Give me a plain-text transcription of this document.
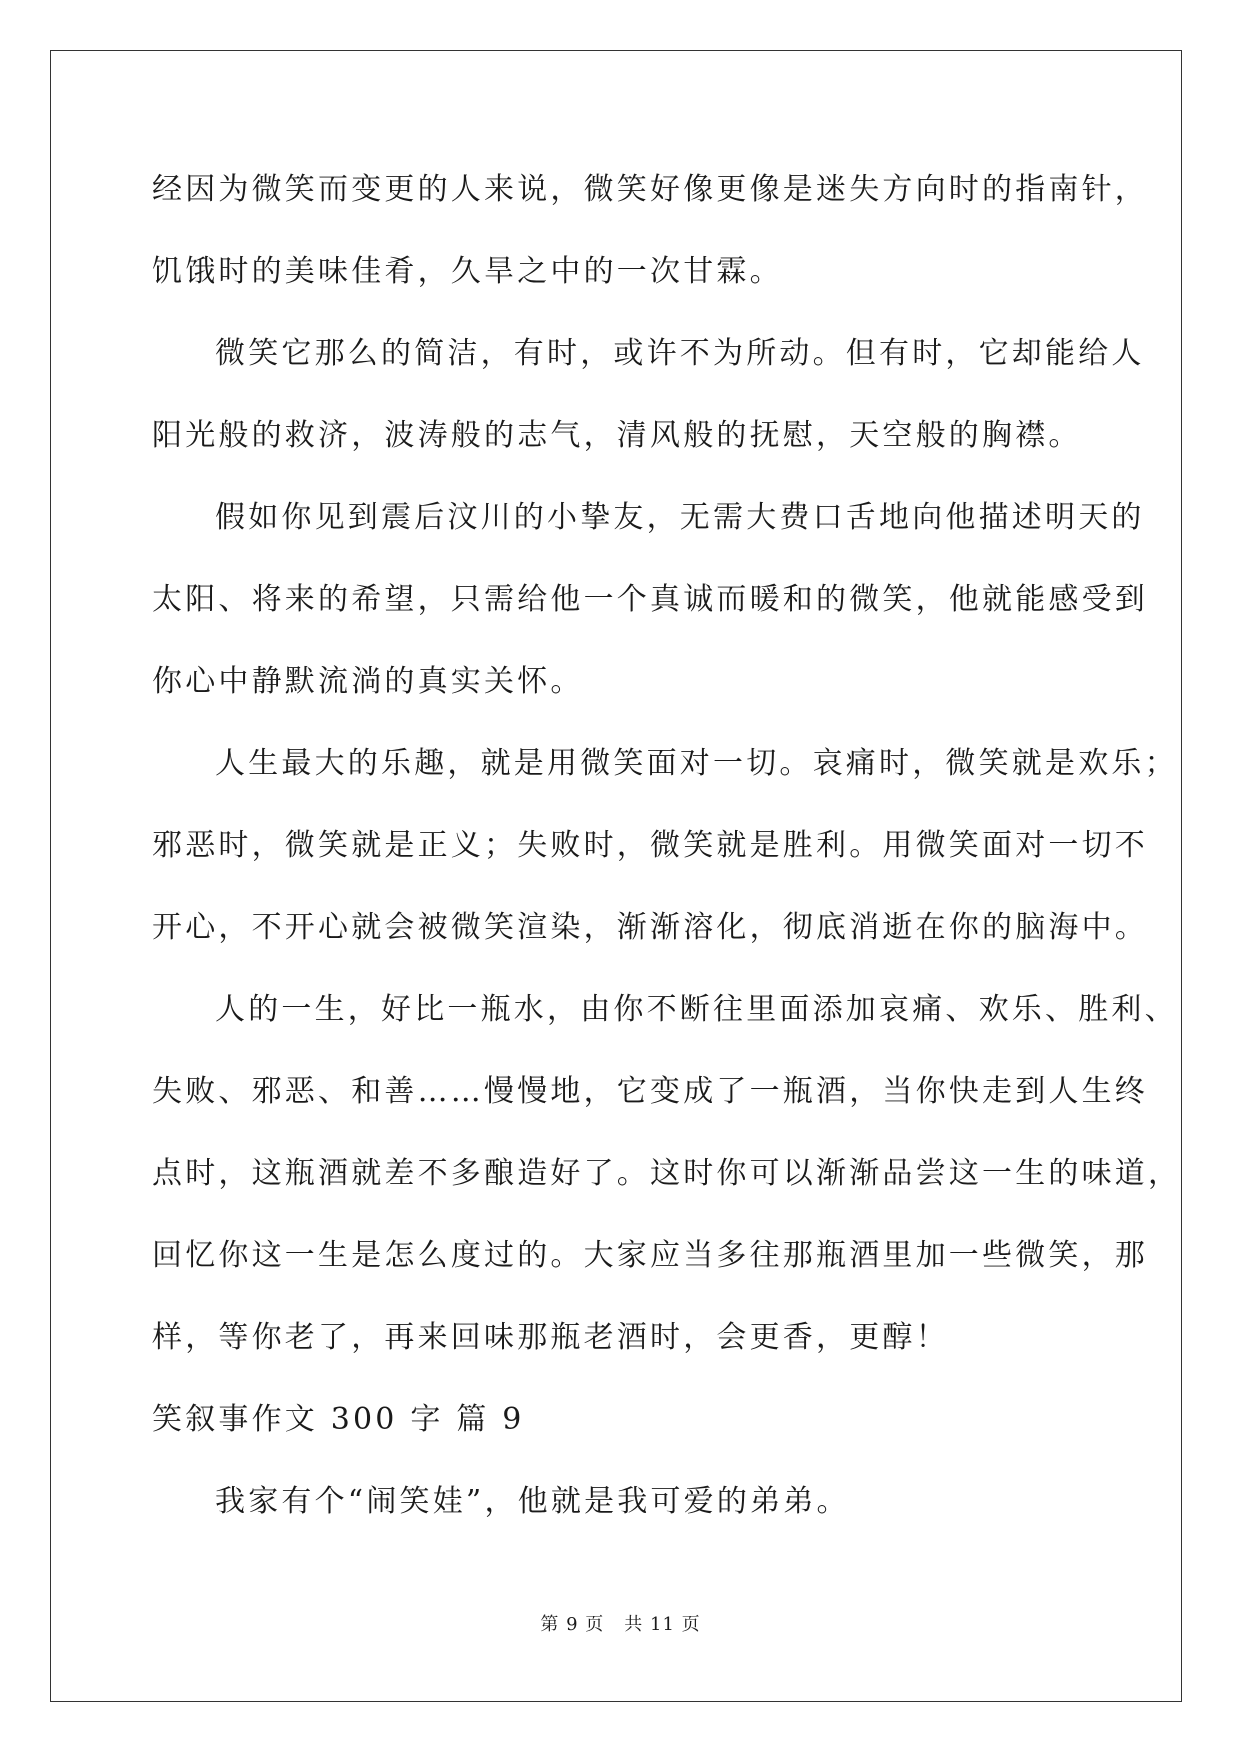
经因为微笑而变更的人来说，微笑好像更像是迷失方向时的指南针，
饥饿时的美味佳肴，久旱之中的一次甘霖。
微笑它那么的简洁，有时，或许不为所动。但有时，它却能给人
阳光般的救济，波涛般的志气，清风般的抚慰，天空般的胸襟。
假如你见到震后汶川的小挚友，无需大费口舌地向他描述明天的
太阳、将来的希望，只需给他一个真诚而暖和的微笑，他就能感受到
你心中静默流淌的真实关怀。
人生最大的乐趣，就是用微笑面对一切。哀痛时，微笑就是欢乐；
邪恶时，微笑就是正义；失败时，微笑就是胜利。用微笑面对一切不
开心，不开心就会被微笑渲染，渐渐溶化，彻底消逝在你的脑海中。
人的一生，好比一瓶水，由你不断往里面添加哀痛、欢乐、胜利、
失败、邪恶、和善……慢慢地，它变成了一瓶酒，当你快走到人生终
点时，这瓶酒就差不多酿造好了。这时你可以渐渐品尝这一生的味道，
回忆你这一生是怎么度过的。大家应当多往那瓶酒里加一些微笑，那
样，等你老了，再来回味那瓶老酒时，会更香，更醇！
笑叙事作文 300 字 篇 9
我家有个“闹笑娃”，他就是我可爱的弟弟。
第 9 页 共 11 页
